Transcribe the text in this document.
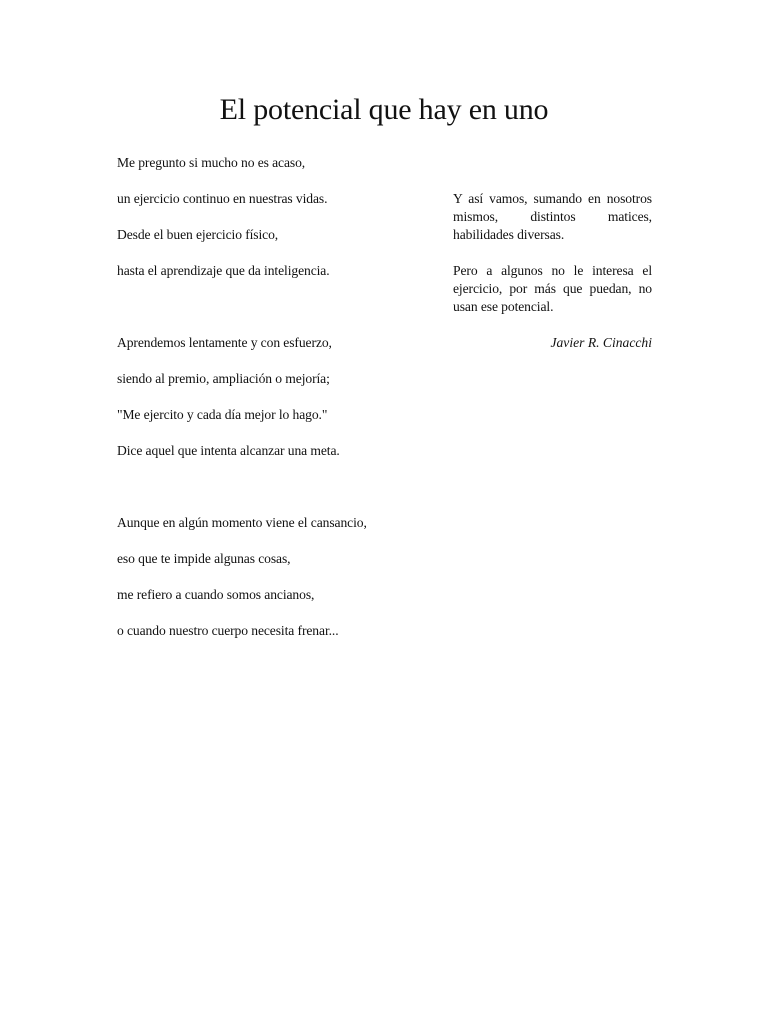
El potencial que hay en uno
Me pregunto si mucho no es acaso,
un ejercicio continuo en nuestras vidas.
Desde el buen ejercicio físico,
hasta el aprendizaje que da inteligencia.
Aprendemos lentamente y con esfuerzo,
siendo al premio, ampliación o mejoría;
"Me ejercito y cada día mejor lo hago."
Dice aquel que intenta alcanzar una meta.
Aunque en algún momento viene el cansancio,
eso que te impide algunas cosas,
me refiero a cuando somos ancianos,
o cuando nuestro cuerpo necesita frenar...
Y así vamos, sumando en nosotros mismos, distintos matices, habilidades diversas.
Pero a algunos no le interesa el ejercicio, por más que puedan, no usan ese potencial.
Javier R. Cinacchi
